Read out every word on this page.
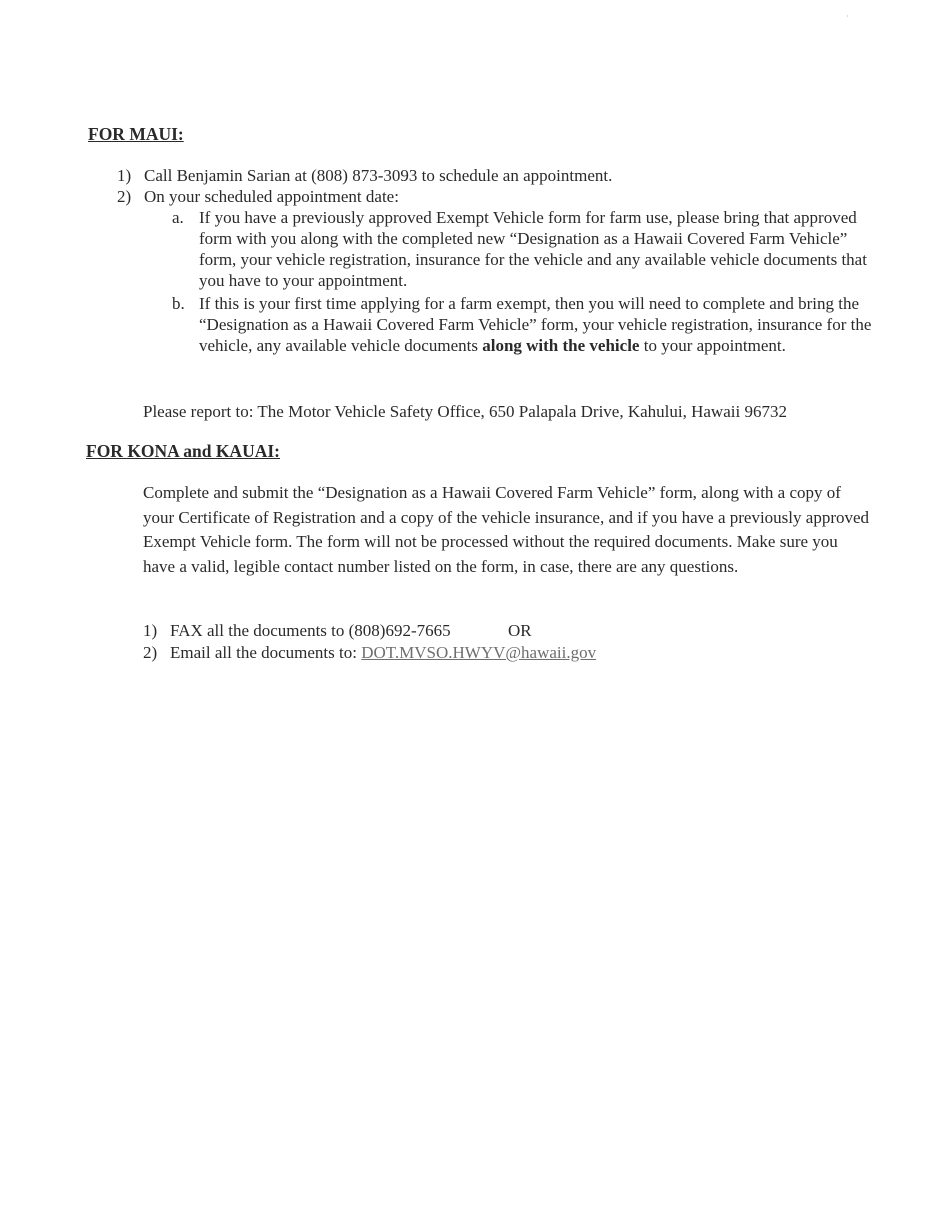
·
FOR MAUI:
1) Call Benjamin Sarian at (808) 873-3093 to schedule an appointment.
2) On your scheduled appointment date:
a. If you have a previously approved Exempt Vehicle form for farm use, please bring that approved form with you along with the completed new “Designation as a Hawaii Covered Farm Vehicle” form, your vehicle registration, insurance for the vehicle and any available vehicle documents that you have to your appointment.
b. If this is your first time applying for a farm exempt, then you will need to complete and bring the “Designation as a Hawaii Covered Farm Vehicle” form, your vehicle registration, insurance for the vehicle, any available vehicle documents along with the vehicle to your appointment.
Please report to: The Motor Vehicle Safety Office, 650 Palapala Drive, Kahului, Hawaii 96732
FOR KONA and KAUAI:
Complete and submit the “Designation as a Hawaii Covered Farm Vehicle” form, along with a copy of your Certificate of Registration and a copy of the vehicle insurance, and if you have a previously approved Exempt Vehicle form. The form will not be processed without the required documents. Make sure you have a valid, legible contact number listed on the form, in case, there are any questions.
1) FAX all the documents to (808)692-7665	OR
2) Email all the documents to: DOT.MVSO.HWYV@hawaii.gov
